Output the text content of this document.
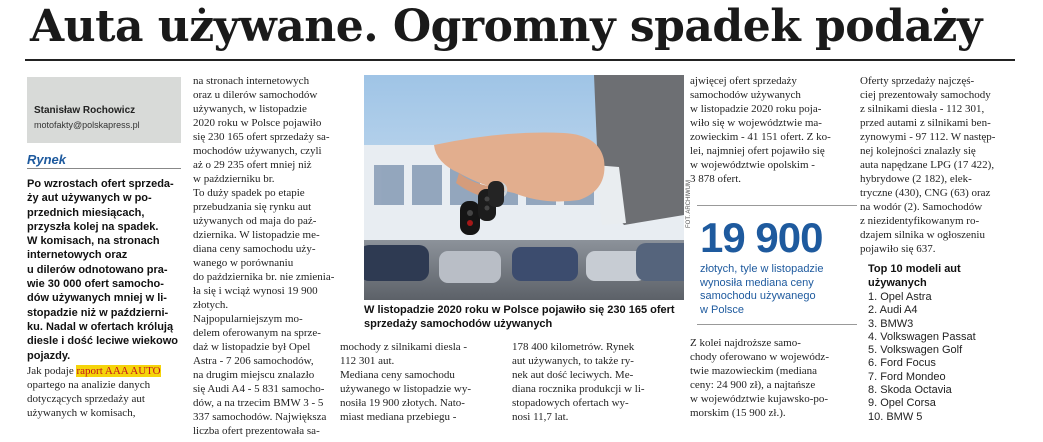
Auta używane. Ogromny spadek podaży
Stanisław Rochowicz
motofakty@polskapress.pl
Rynek
Po wzrostach ofert sprzeda-
ży aut używanych w po-
przednich miesiącach,
przyszła kolej na spadek.
W komisach, na stronach
internetowych oraz
u dilerów odnotowano pra-
wie 30 000 ofert samocho-
dów używanych mniej w li-
stopadzie niż w październi-
ku. Nadal w ofertach królują
diesle i dość leciwe wiekowo
pojazdy.
Jak podaje raport AAA AUTO
opartego na analizie danych
dotyczących sprzedaży aut
używanych w komisach,
na stronach internetowych
oraz u dilerów samochodów
używanych, w listopadzie
2020 roku w Polsce pojawiło
się 230 165 ofert sprzedaży sa-
mochodów używanych, czyli
aż o 29 235 ofert mniej niż
w październiku br.
To duży spadek po etapie
przebudzania się rynku aut
używanych od maja do paź-
dziernika. W listopadzie me-
diana ceny samochodu uży-
wanego w porównaniu
do października br. nie zmienia-
ła się i wciąż wynosi 19 900
złotych.
Najpopularniejszym mo-
delem oferowanym na sprze-
daż w listopadzie był Opel
Astra - 7 206 samochodów,
na drugim miejscu znalazło
się Audi A4 - 5 831 samocho-
dów, a na trzecim BMW 3 - 5
337 samochodów. Największa
liczba ofert prezentowała sa-
FOT. ARCHIWUM
W listopadzie 2020 roku w Polsce pojawiło się 230 165 ofert
sprzedaży samochodów używanych
mochody z silnikami diesla -
112 301 aut.
Mediana ceny samochodu
używanego w listopadzie wy-
nosiła 19 900 złotych. Nato-
miast mediana przebiegu -
178 400 kilometrów. Rynek
aut używanych, to także ry-
nek aut dość leciwych. Me-
diana rocznika produkcji w li-
stopadowych ofertach wy-
nosi 11,7 lat.
ajwięcej ofert sprzedaży
samochodów używanych
w listopadzie 2020 roku poja-
wiło się w województwie ma-
zowieckim - 41 151 ofert. Z ko-
lei, najmniej ofert pojawiło się
w województwie opolskim -
3 878 ofert.
19 900
złotych, tyle w listopadzie
wynosiła mediana ceny
samochodu używanego
w Polsce
Z kolei najdroższe samo-
chody oferowano w wojewódz-
twie mazowieckim (mediana
ceny: 24 900 zł), a najtańsze
w województwie kujawsko-po-
morskim (15 900 zł.).
Oferty sprzedaży najczęś-
ciej prezentowały samochody
z silnikami diesla - 112 301,
przed autami z silnikami ben-
zynowymi - 97 112. W następ-
nej kolejności znalazły się
auta napędzane LPG (17 422),
hybrydowe (2 182), elek-
tryczne (430), CNG (63) oraz
na wodór (2). Samochodów
z niezidentyfikowanym ro-
dzajem silnika w ogłoszeniu
pojawiło się 637.
Top 10 modeli aut
używanych
1. Opel Astra
2. Audi A4
3. BMW3
4. Volkswagen Passat
5. Volkswagen Golf
6. Ford Focus
7. Ford Mondeo
8. Skoda Octavia
9. Opel Corsa
10. BMW 5
